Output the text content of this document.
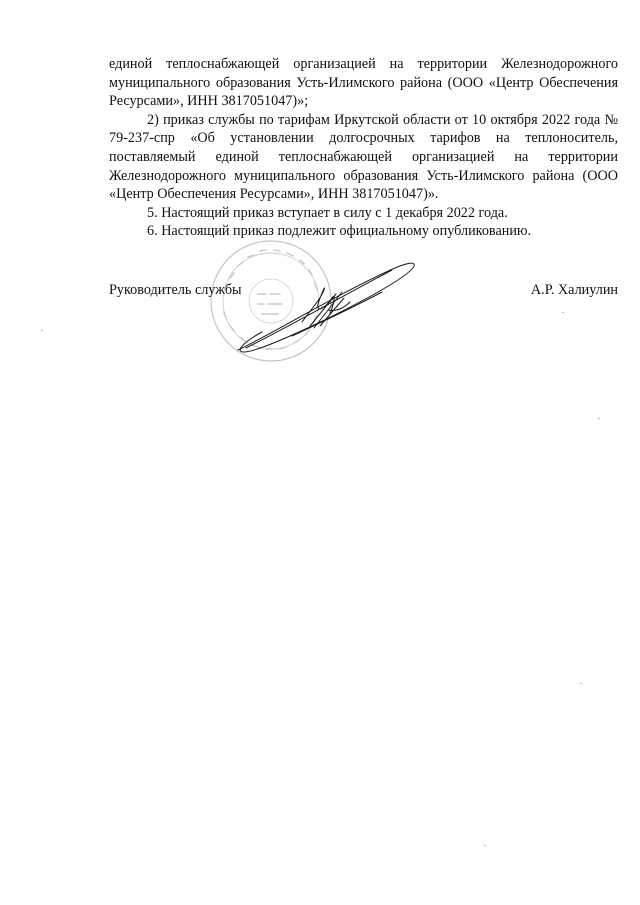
единой теплоснабжающей организацией на территории Железнодорожного муниципального образования Усть-Илимского района (ООО «Центр Обеспечения Ресурсами», ИНН 3817051047)»;

2) приказ службы по тарифам Иркутской области от 10 октября 2022 года № 79-237-спр «Об установлении долгосрочных тарифов на теплоноситель, поставляемый единой теплоснабжающей организацией на территории Железнодорожного муниципального образования Усть-Илимского района (ООО «Центр Обеспечения Ресурсами», ИНН 3817051047)».

5. Настоящий приказ вступает в силу с 1 декабря 2022 года.

6. Настоящий приказ подлежит официальному опубликованию.

Руководитель службы	А.Р. Халиулин
